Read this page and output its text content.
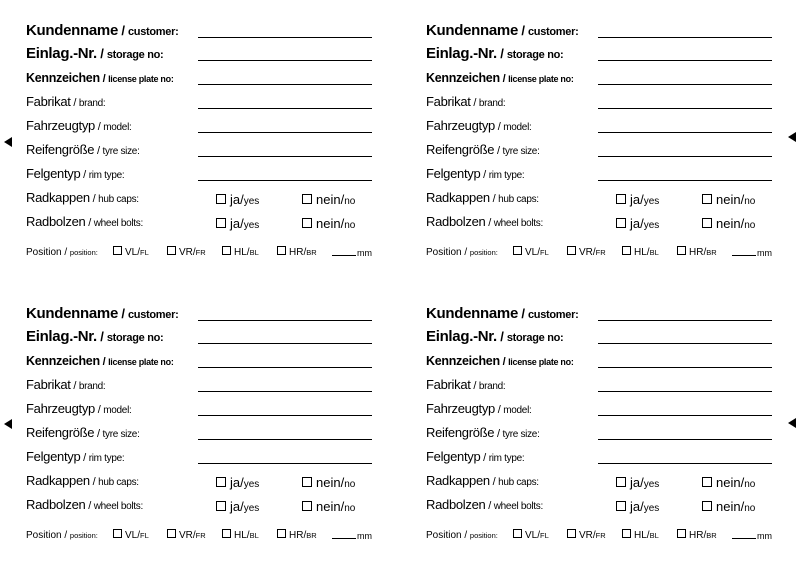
Kundenname / customer:
Einlag.-Nr. / storage no:
Kennzeichen / license plate no:
Fabrikat / brand:
Fahrzeugtyp / model:
Reifengröße / tyre size:
Felgentyp / rim type:
Radkappen / hub caps:	ja/yes	nein/no
Radbolzen / wheel bolts:	ja/yes	nein/no
Position / position:	VL/FL	VR/FR	HL/BL	HR/BR	mm
Kundenname / customer:
Einlag.-Nr. / storage no:
Kennzeichen / license plate no:
Fabrikat / brand:
Fahrzeugtyp / model:
Reifengröße / tyre size:
Felgentyp / rim type:
Radkappen / hub caps:	ja/yes	nein/no
Radbolzen / wheel bolts:	ja/yes	nein/no
Position / position:	VL/FL	VR/FR	HL/BL	HR/BR	mm
Kundenname / customer:
Einlag.-Nr. / storage no:
Kennzeichen / license plate no:
Fabrikat / brand:
Fahrzeugtyp / model:
Reifengröße / tyre size:
Felgentyp / rim type:
Radkappen / hub caps:	ja/yes	nein/no
Radbolzen / wheel bolts:	ja/yes	nein/no
Position / position:	VL/FL	VR/FR	HL/BL	HR/BR	mm
Kundenname / customer:
Einlag.-Nr. / storage no:
Kennzeichen / license plate no:
Fabrikat / brand:
Fahrzeugtyp / model:
Reifengröße / tyre size:
Felgentyp / rim type:
Radkappen / hub caps:	ja/yes	nein/no
Radbolzen / wheel bolts:	ja/yes	nein/no
Position / position:	VL/FL	VR/FR	HL/BL	HR/BR	mm
